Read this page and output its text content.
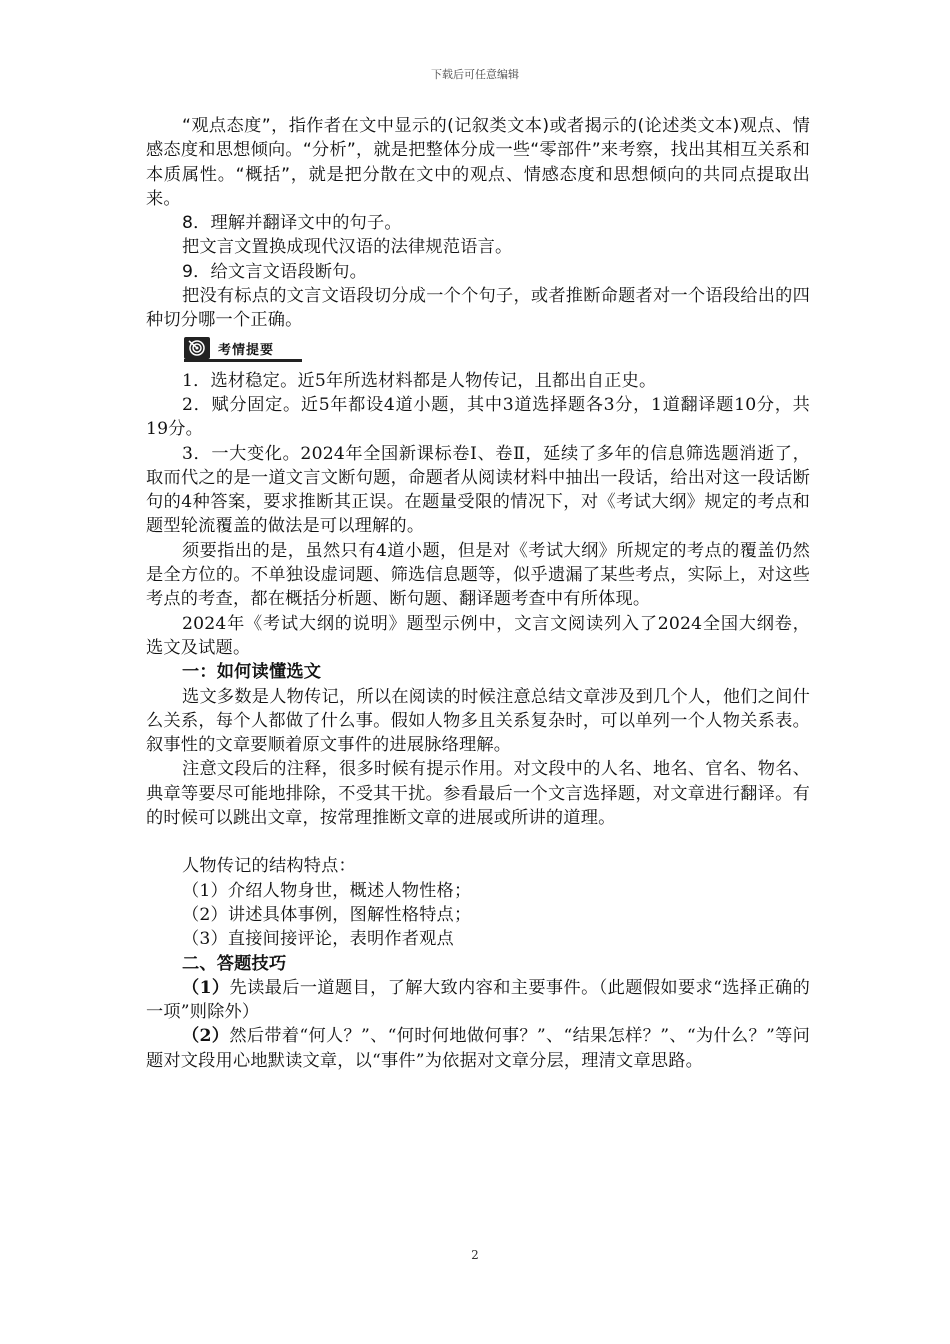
下载后可任意编辑

“观点态度”，指作者在文中显示的(记叙类文本)或者揭示的(论述类文本)观点、情感态度和思想倾向。“分析”，就是把整体分成一些“零部件”来考察，找出其相互关系和本质属性。“概括”，就是把分散在文中的观点、情感态度和思想倾向的共同点提取出来。

8．理解并翻译文中的句子。

把文言文置换成现代汉语的法律规范语言。

9．给文言文语段断句。

把没有标点的文言文语段切分成一个个句子，或者推断命题者对一个语段给出的四种切分哪一个正确。

考情提要

1．选材稳定。近5年所选材料都是人物传记，且都出自正史。

2．赋分固定。近5年都设4道小题，其中3道选择题各3分，1道翻译题10分，共19分。

3．一大变化。2024年全国新课标卷Ⅰ、卷Ⅱ，延续了多年的信息筛选题消逝了，取而代之的是一道文言文断句题，命题者从阅读材料中抽出一段话，给出对这一段话断句的4种答案，要求推断其正误。在题量受限的情况下，对《考试大纲》规定的考点和题型轮流覆盖的做法是可以理解的。

须要指出的是，虽然只有4道小题，但是对《考试大纲》所规定的考点的覆盖仍然是全方位的。不单独设虚词题、筛选信息题等，似乎遗漏了某些考点，实际上，对这些考点的考查，都在概括分析题、断句题、翻译题考查中有所体现。

2024年《考试大纲的说明》题型示例中，文言文阅读列入了2024全国大纲卷，选文及试题。

一：如何读懂选文

选文多数是人物传记，所以在阅读的时候注意总结文章涉及到几个人，他们之间什么关系，每个人都做了什么事。假如人物多且关系复杂时，可以单列一个人物关系表。叙事性的文章要顺着原文事件的进展脉络理解。

注意文段后的注释，很多时候有提示作用。对文段中的人名、地名、官名、物名、典章等要尽可能地排除，不受其干扰。参看最后一个文言选择题，对文章进行翻译。有的时候可以跳出文章，按常理推断文章的进展或所讲的道理。

人物传记的结构特点：

（1）介绍人物身世，概述人物性格；

（2）讲述具体事例，图解性格特点；

（3）直接间接评论，表明作者观点

二、答题技巧

（1）先读最后一道题目，了解大致内容和主要事件。（此题假如要求“选择正确的一项”则除外）

（2）然后带着“何人？”、“何时何地做何事？”、“结果怎样？”、“为什么？”等问题对文段用心地默读文章，以“事件”为依据对文章分层，理清文章思路。

2
